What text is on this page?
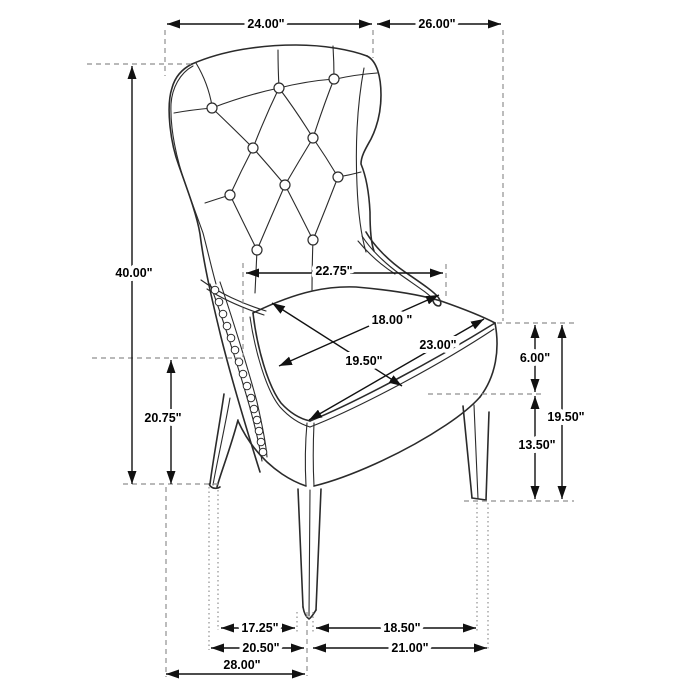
24.00"	26.00"
40.00"
20.75"
22.75"
18.00 "
19.50"
23.00"
6.00"
13.50"
19.50"
17.25"	18.50"
20.50"	21.00"
28.00"
